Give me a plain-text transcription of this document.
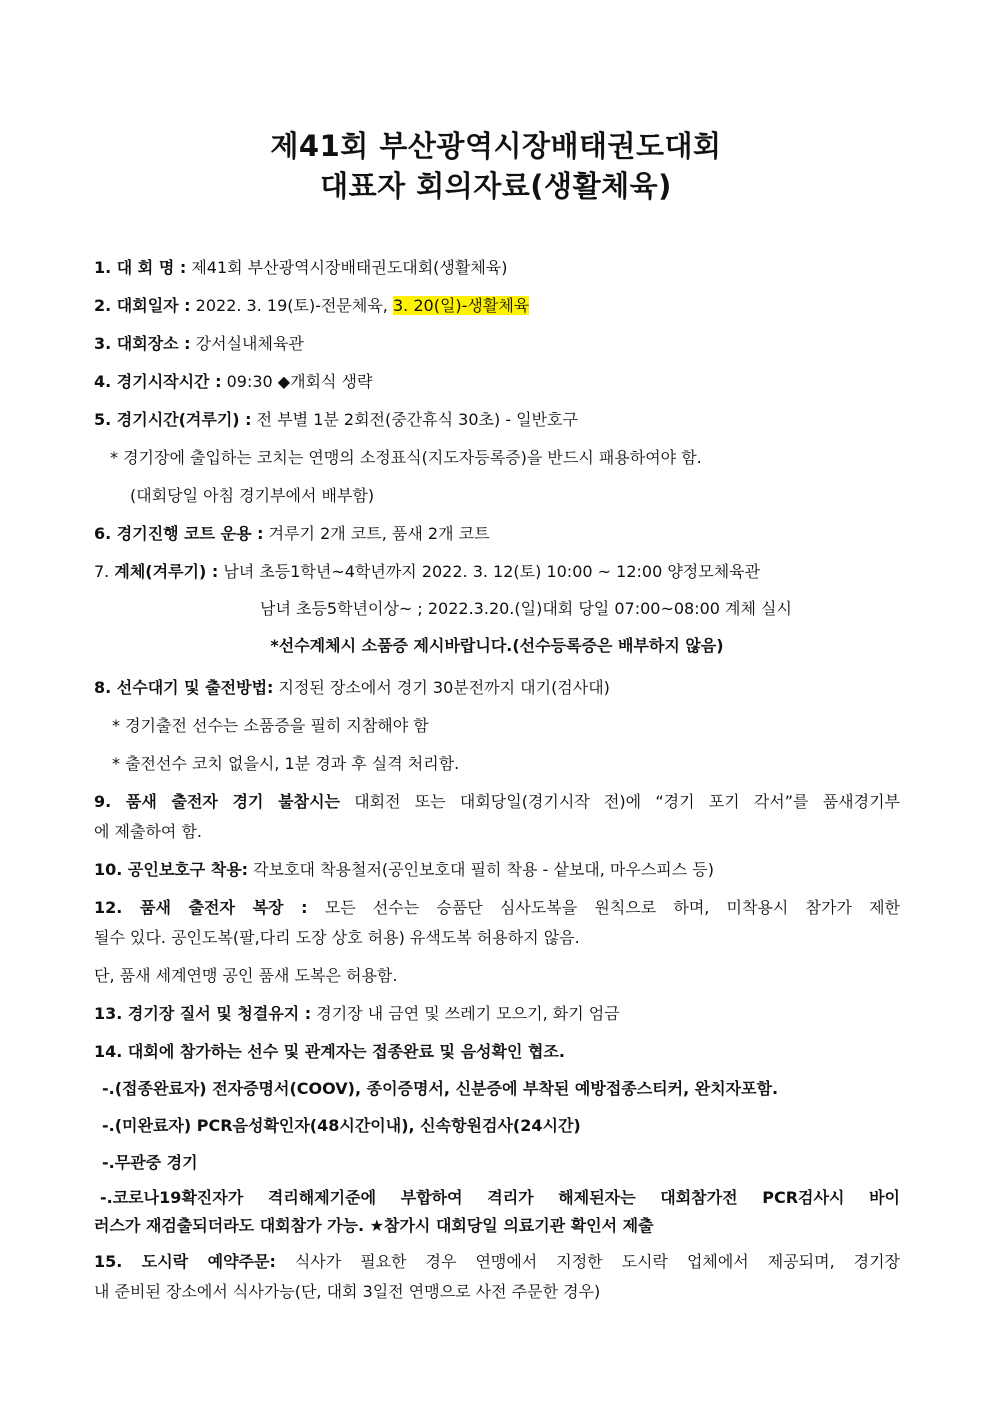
제41회 부산광역시장배태권도대회
대표자 회의자료(생활체육)
1. 대 회 명 : 제41회 부산광역시장배태권도대회(생활체육)
2. 대회일자 : 2022. 3. 19(토)-전문체육, 3. 20(일)-생활체육
3. 대회장소 : 강서실내체육관
4. 경기시작시간 : 09:30 ◆개회식 생략
5. 경기시간(겨루기) : 전 부별 1분 2회전(중간휴식 30초) - 일반호구
* 경기장에 출입하는 코치는 연맹의 소정표식(지도자등록증)을 반드시 패용하여야 함.
(대회당일 아침 경기부에서 배부함)
6. 경기진행 코트 운용 : 겨루기 2개 코트, 품새 2개 코트
7. 계체(겨루기) : 남녀 초등1학년~4학년까지 2022. 3. 12(토) 10:00 ~ 12:00 양정모체육관
남녀 초등5학년이상~ ; 2022.3.20.(일)대회 당일 07:00~08:00 계체 실시
*선수계체시 소품증 제시바랍니다.(선수등록증은 배부하지 않음)
8. 선수대기 및 출전방법: 지정된 장소에서 경기 30분전까지 대기(검사대)
* 경기출전 선수는 소품증을 필히 지참해야 함
* 출전선수 코치 없을시, 1분 경과 후 실격 처리함.
9. 품새 출전자 경기 불참시는 대회전 또는 대회당일(경기시작 전)에 “경기 포기 각서”를 품새경기부
에 제출하여 함.
10. 공인보호구 착용: 각보호대 착용철저(공인보호대 필히 착용 - 샅보대, 마우스피스 등)
12. 품새 출전자 복장 : 모든 선수는 승품단 심사도복을 원칙으로 하며, 미착용시 참가가 제한
될수 있다. 공인도복(팔,다리 도장 상호 허용) 유색도복 허용하지 않음.
단, 품새 세계연맹 공인 품새 도복은 허용함.
13. 경기장 질서 및 청결유지 : 경기장 내 금연 및 쓰레기 모으기, 화기 엄금
14. 대회에 참가하는 선수 및 관계자는 접종완료 및 음성확인 협조.
-.(접종완료자) 전자증명서(COOV), 종이증명서, 신분증에 부착된 예방접종스티커, 완치자포함.
-.(미완료자) PCR음성확인자(48시간이내), 신속항원검사(24시간)
-.무관중 경기
-.코로나19확진자가 격리해제기준에 부합하여 격리가 해제된자는 대회참가전 PCR검사시 바이
러스가 재검출되더라도 대회참가 가능. ★참가시 대회당일 의료기관 확인서 제출
15. 도시락 예약주문: 식사가 필요한 경우 연맹에서 지정한 도시락 업체에서 제공되며, 경기장
내 준비된 장소에서 식사가능(단, 대회 3일전 연맹으로 사전 주문한 경우)
